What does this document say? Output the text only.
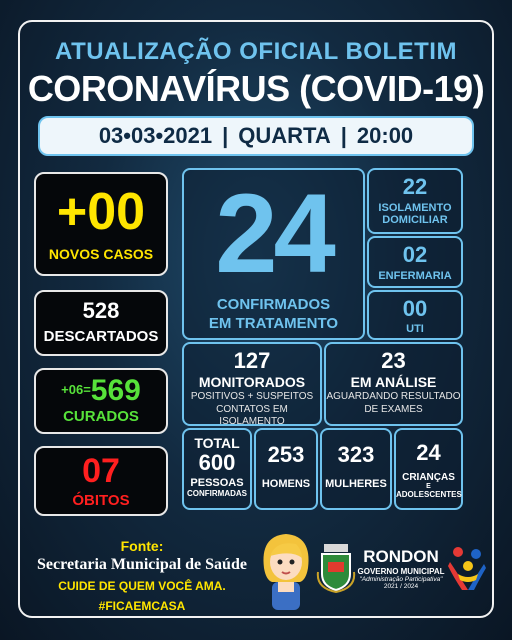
ATUALIZAÇÃO OFICIAL BOLETIM
CORONAVÍRUS (COVID-19)
03•03•2021 | QUARTA | 20:00
+00
NOVOS CASOS
528
DESCARTADOS
$^{+06=}$569
CURADOS
07
ÓBITOS
24
CONFIRMADOS
EM TRATAMENTO
22
ISOLAMENTO
DOMICILIAR
02
ENFERMARIA
00
UTI
127
MONITORADOS
POSITIVOS + SUSPEITOS
CONTATOS EM ISOLAMENTO
23
EM ANÁLISE
AGUARDANDO RESULTADO
DE EXAMES
TOTAL
600
PESSOAS
CONFIRMADAS
253
HOMENS
323
MULHERES
24
CRIANÇAS
E
ADOLESCENTES
Fonte:
Secretaria Municipal de Saúde
CUIDE DE QUEM VOCÊ AMA.
#FICAEMCASA
RONDON
GOVERNO MUNICIPAL
"Administração Participativa"
2021 / 2024
